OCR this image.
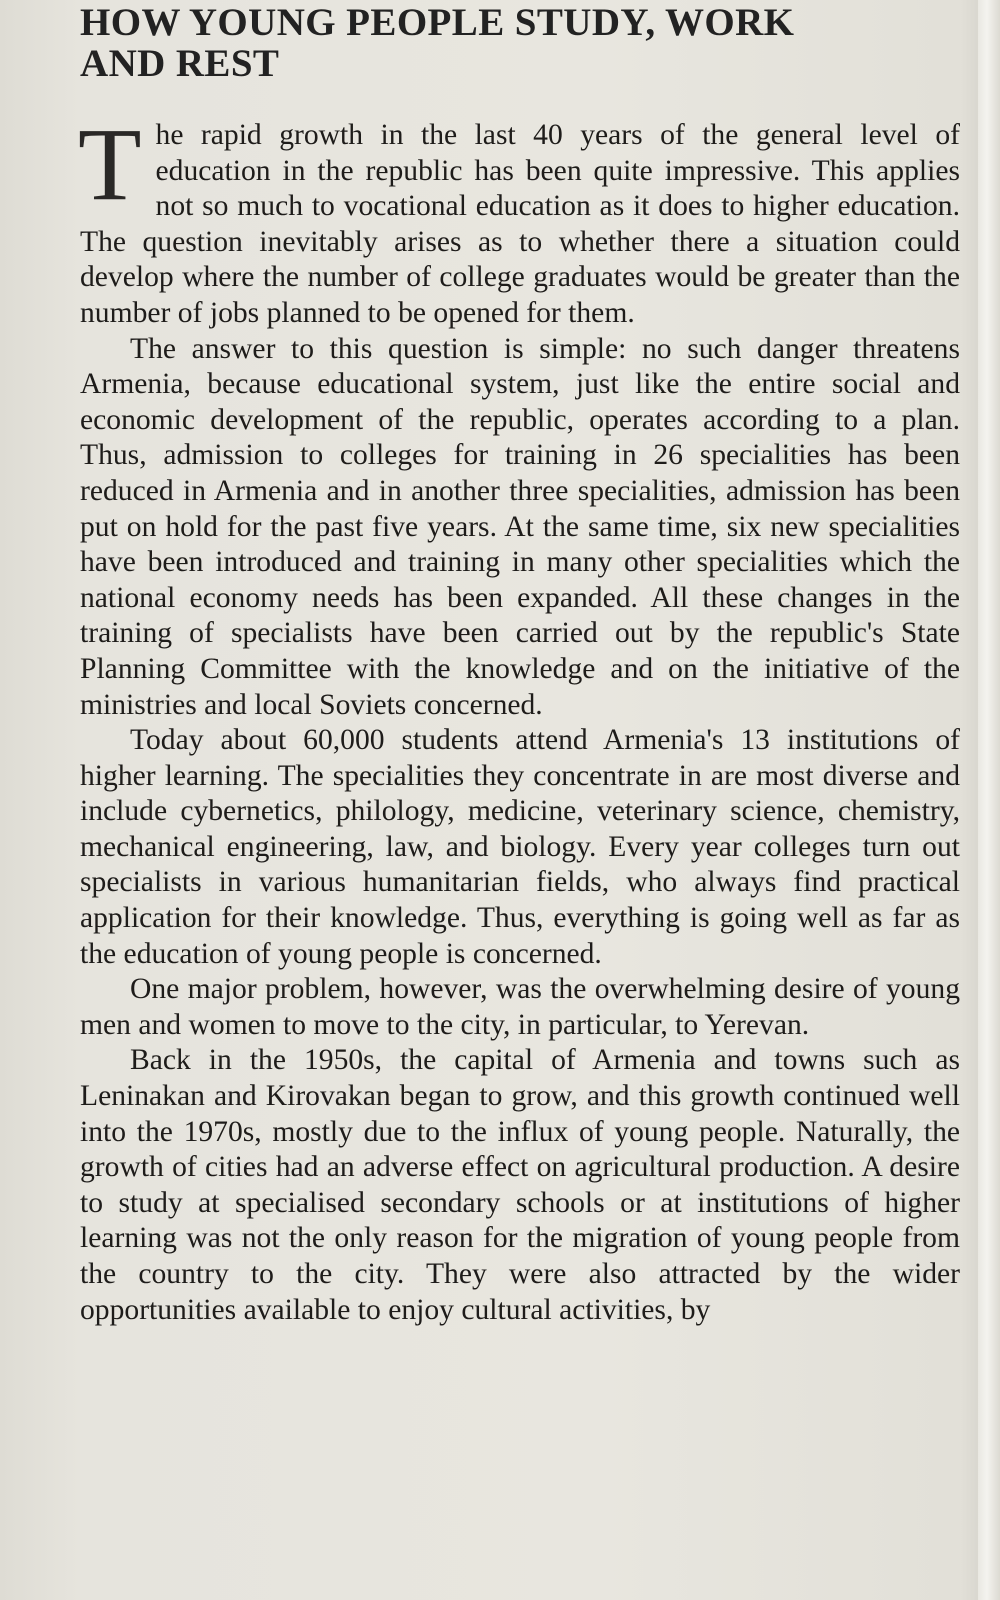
HOW YOUNG PEOPLE STUDY, WORK AND REST

The rapid growth in the last 40 years of the general level of education in the republic has been quite impressive. This applies not so much to vocational education as it does to higher education. The question inevitably arises as to whether there a situation could develop where the number of college graduates would be greater than the number of jobs planned to be opened for them.

The answer to this question is simple: no such danger threatens Armenia, because educational system, just like the entire social and economic development of the republic, operates according to a plan. Thus, admission to colleges for training in 26 specialities has been reduced in Armenia and in another three specialities, admission has been put on hold for the past five years. At the same time, six new specialities have been introduced and training in many other specialities which the national economy needs has been expanded. All these changes in the training of specialists have been carried out by the republic's State Planning Committee with the knowledge and on the initiative of the ministries and local Soviets concerned.

Today about 60,000 students attend Armenia's 13 institutions of higher learning. The specialities they concentrate in are most diverse and include cybernetics, philology, medicine, veterinary science, chemistry, mechanical engineering, law, and biology. Every year colleges turn out specialists in various humanitarian fields, who always find practical application for their knowledge. Thus, everything is going well as far as the education of young people is concerned.

One major problem, however, was the overwhelming desire of young men and women to move to the city, in particular, to Yerevan.

Back in the 1950s, the capital of Armenia and towns such as Leninakan and Kirovakan began to grow, and this growth continued well into the 1970s, mostly due to the influx of young people. Naturally, the growth of cities had an adverse effect on agricultural production. A desire to study at specialised secondary schools or at institutions of higher learning was not the only reason for the migration of young people from the country to the city. They were also attracted by the wider opportunities available to enjoy cultural activities, by
